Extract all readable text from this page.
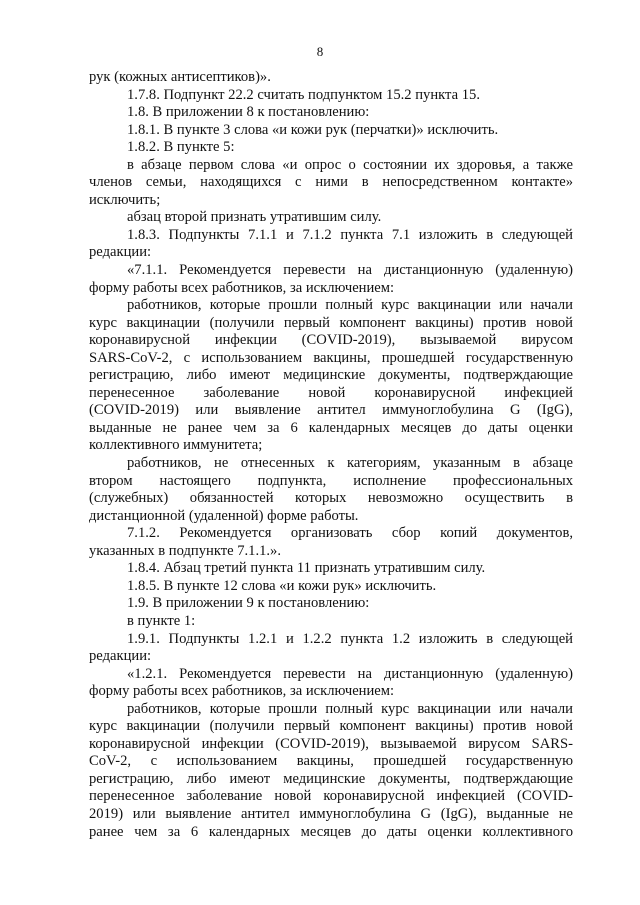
8

рук (кожных антисептиков)».

1.7.8. Подпункт 22.2 считать подпунктом 15.2 пункта 15.

1.8. В приложении 8 к постановлению:

1.8.1. В пункте 3 слова «и кожи рук (перчатки)» исключить.

1.8.2. В пункте 5:

в абзаце первом слова «и опрос о состоянии их здоровья, а также

членов семьи, находящихся с ними в непосредственном контакте»

исключить;

абзац второй признать утратившим силу.

1.8.3. Подпункты 7.1.1 и 7.1.2 пункта 7.1 изложить в следующей

редакции:

«7.1.1. Рекомендуется перевести на дистанционную (удаленную)

форму работы всех работников, за исключением:

работников, которые прошли полный курс вакцинации или начали

курс вакцинации (получили первый компонент вакцины) против новой

коронавирусной инфекции (COVID-2019), вызываемой вирусом

SARS-CoV-2, с использованием вакцины, прошедшей государственную

регистрацию, либо имеют медицинские документы, подтверждающие

перенесенное заболевание новой коронавирусной инфекцией

(COVID-2019) или выявление антител иммуноглобулина G (IgG),

выданные не ранее чем за 6 календарных месяцев до даты оценки

коллективного иммунитета;

работников, не отнесенных к категориям, указанным в абзаце

втором настоящего подпункта, исполнение профессиональных

(служебных) обязанностей которых невозможно осуществить в

дистанционной (удаленной) форме работы.

7.1.2. Рекомендуется организовать сбор копий документов,

указанных в подпункте 7.1.1.».

1.8.4. Абзац третий пункта 11 признать утратившим силу.

1.8.5. В пункте 12 слова «и кожи рук» исключить.

1.9. В приложении 9 к постановлению:

в пункте 1:

1.9.1. Подпункты 1.2.1 и 1.2.2 пункта 1.2 изложить в следующей

редакции:

«1.2.1. Рекомендуется перевести на дистанционную (удаленную)

форму работы всех работников, за исключением:

работников, которые прошли полный курс вакцинации или начали

курс вакцинации (получили первый компонент вакцины) против новой

коронавирусной инфекции (COVID-2019), вызываемой вирусом SARS-

CoV-2, с использованием вакцины, прошедшей государственную

регистрацию, либо имеют медицинские документы, подтверждающие

перенесенное заболевание новой коронавирусной инфекцией (COVID-

2019) или выявление антител иммуноглобулина G (IgG), выданные не

ранее чем за 6 календарных месяцев до даты оценки коллективного
